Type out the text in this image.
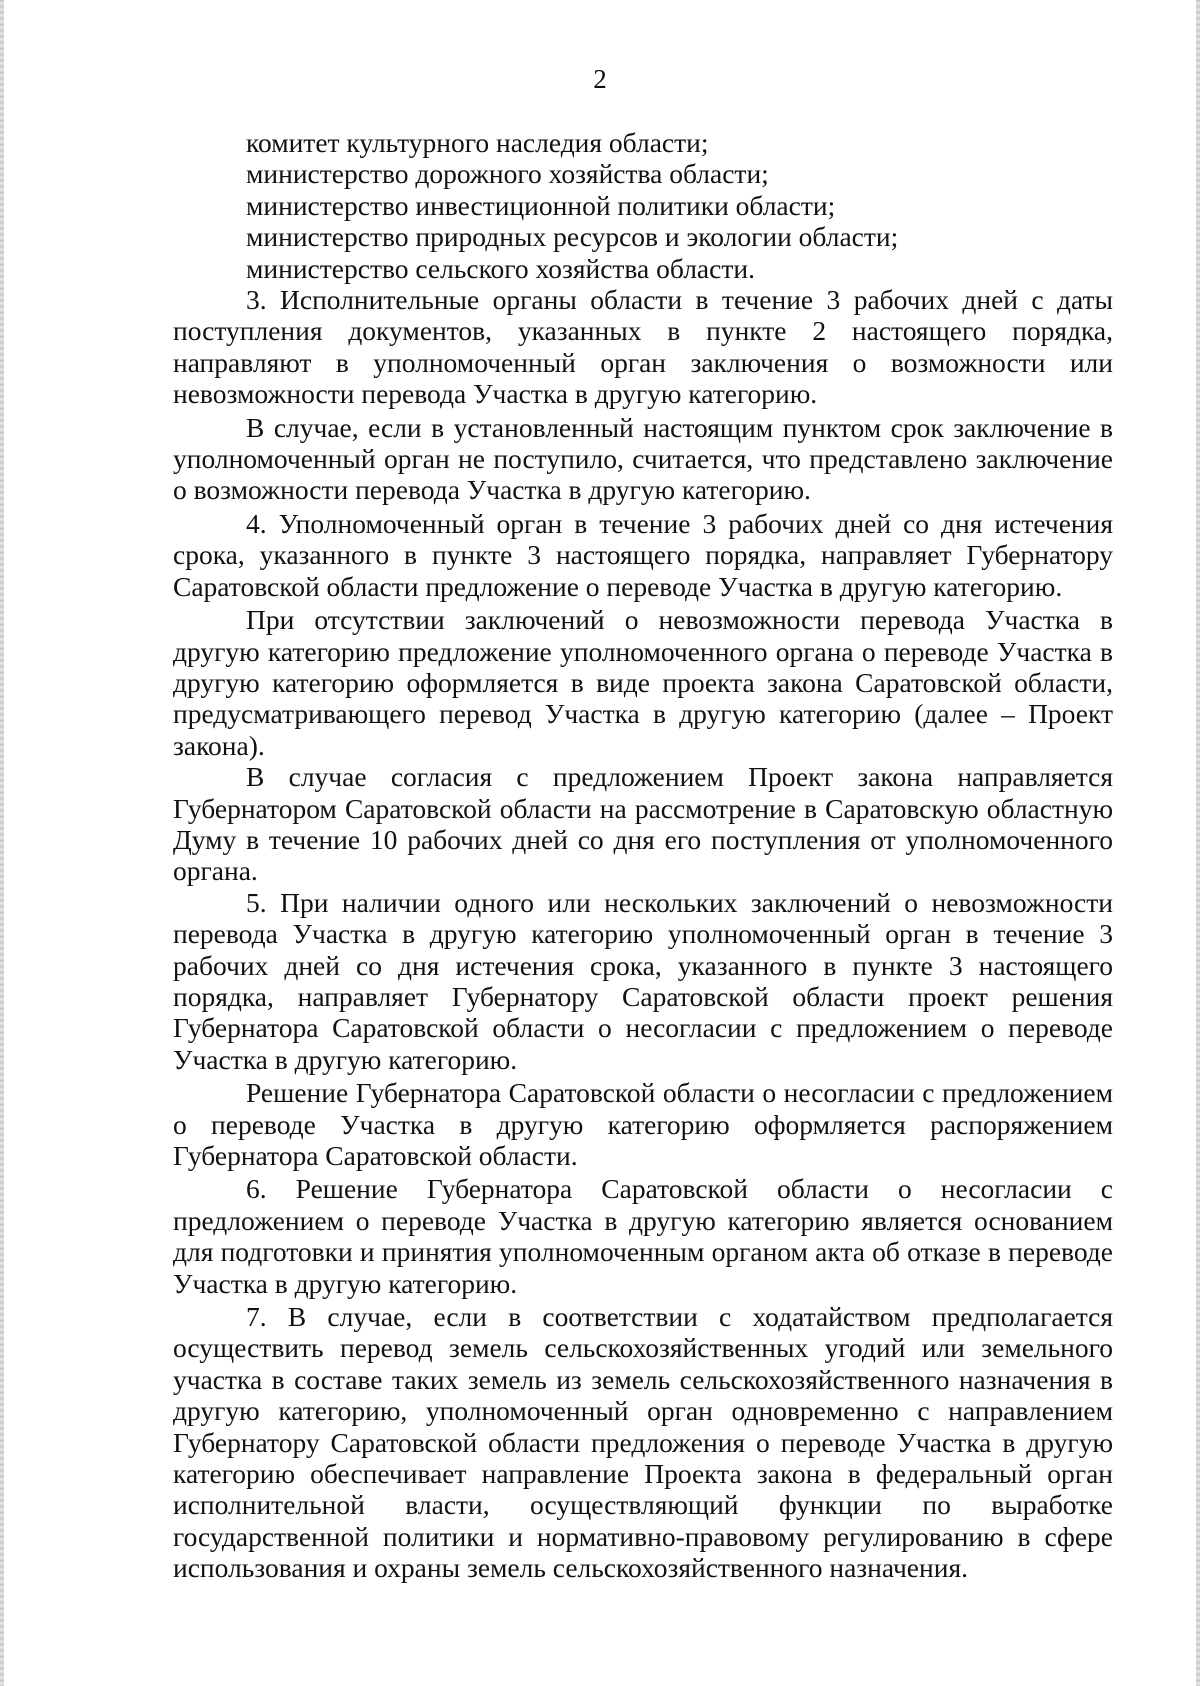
2

комитет культурного наследия области;

министерство дорожного хозяйства области;

министерство инвестиционной политики области;

министерство природных ресурсов и экологии области;

министерство сельского хозяйства области.

3. Исполнительные органы области в течение 3 рабочих дней с даты поступления документов, указанных в пункте 2 настоящего порядка, направляют в уполномоченный орган заключения о возможности или невозможности перевода Участка в другую категорию.

В случае, если в установленный настоящим пунктом срок заключение в уполномоченный орган не поступило, считается, что представлено заключение о возможности перевода Участка в другую категорию.

4. Уполномоченный орган в течение 3 рабочих дней со дня истечения срока, указанного в пункте 3 настоящего порядка, направляет Губернатору Саратовской области предложение о переводе Участка в другую категорию.

При отсутствии заключений о невозможности перевода Участка в другую категорию предложение уполномоченного органа о переводе Участка в другую категорию оформляется в виде проекта закона Саратовской области, предусматривающего перевод Участка в другую категорию (далее – Проект закона).

В случае согласия с предложением Проект закона направляется Губернатором Саратовской области на рассмотрение в Саратовскую областную Думу в течение 10 рабочих дней со дня его поступления от уполномоченного органа.

5. При наличии одного или нескольких заключений о невозможности перевода Участка в другую категорию уполномоченный орган в течение 3 рабочих дней со дня истечения срока, указанного в пункте 3 настоящего порядка, направляет Губернатору Саратовской области проект решения Губернатора Саратовской области о несогласии с предложением о переводе Участка в другую категорию.

Решение Губернатора Саратовской области о несогласии с предложением о переводе Участка в другую категорию оформляется распоряжением Губернатора Саратовской области.

6. Решение Губернатора Саратовской области о несогласии с предложением о переводе Участка в другую категорию является основанием для подготовки и принятия уполномоченным органом акта об отказе в переводе Участка в другую категорию.

7. В случае, если в соответствии с ходатайством предполагается осуществить перевод земель сельскохозяйственных угодий или земельного участка в составе таких земель из земель сельскохозяйственного назначения в другую категорию, уполномоченный орган одновременно с направлением Губернатору Саратовской области предложения о переводе Участка в другую категорию обеспечивает направление Проекта закона в федеральный орган исполнительной власти, осуществляющий функции по выработке государственной политики и нормативно-правовому регулированию в сфере использования и охраны земель сельскохозяйственного назначения.
